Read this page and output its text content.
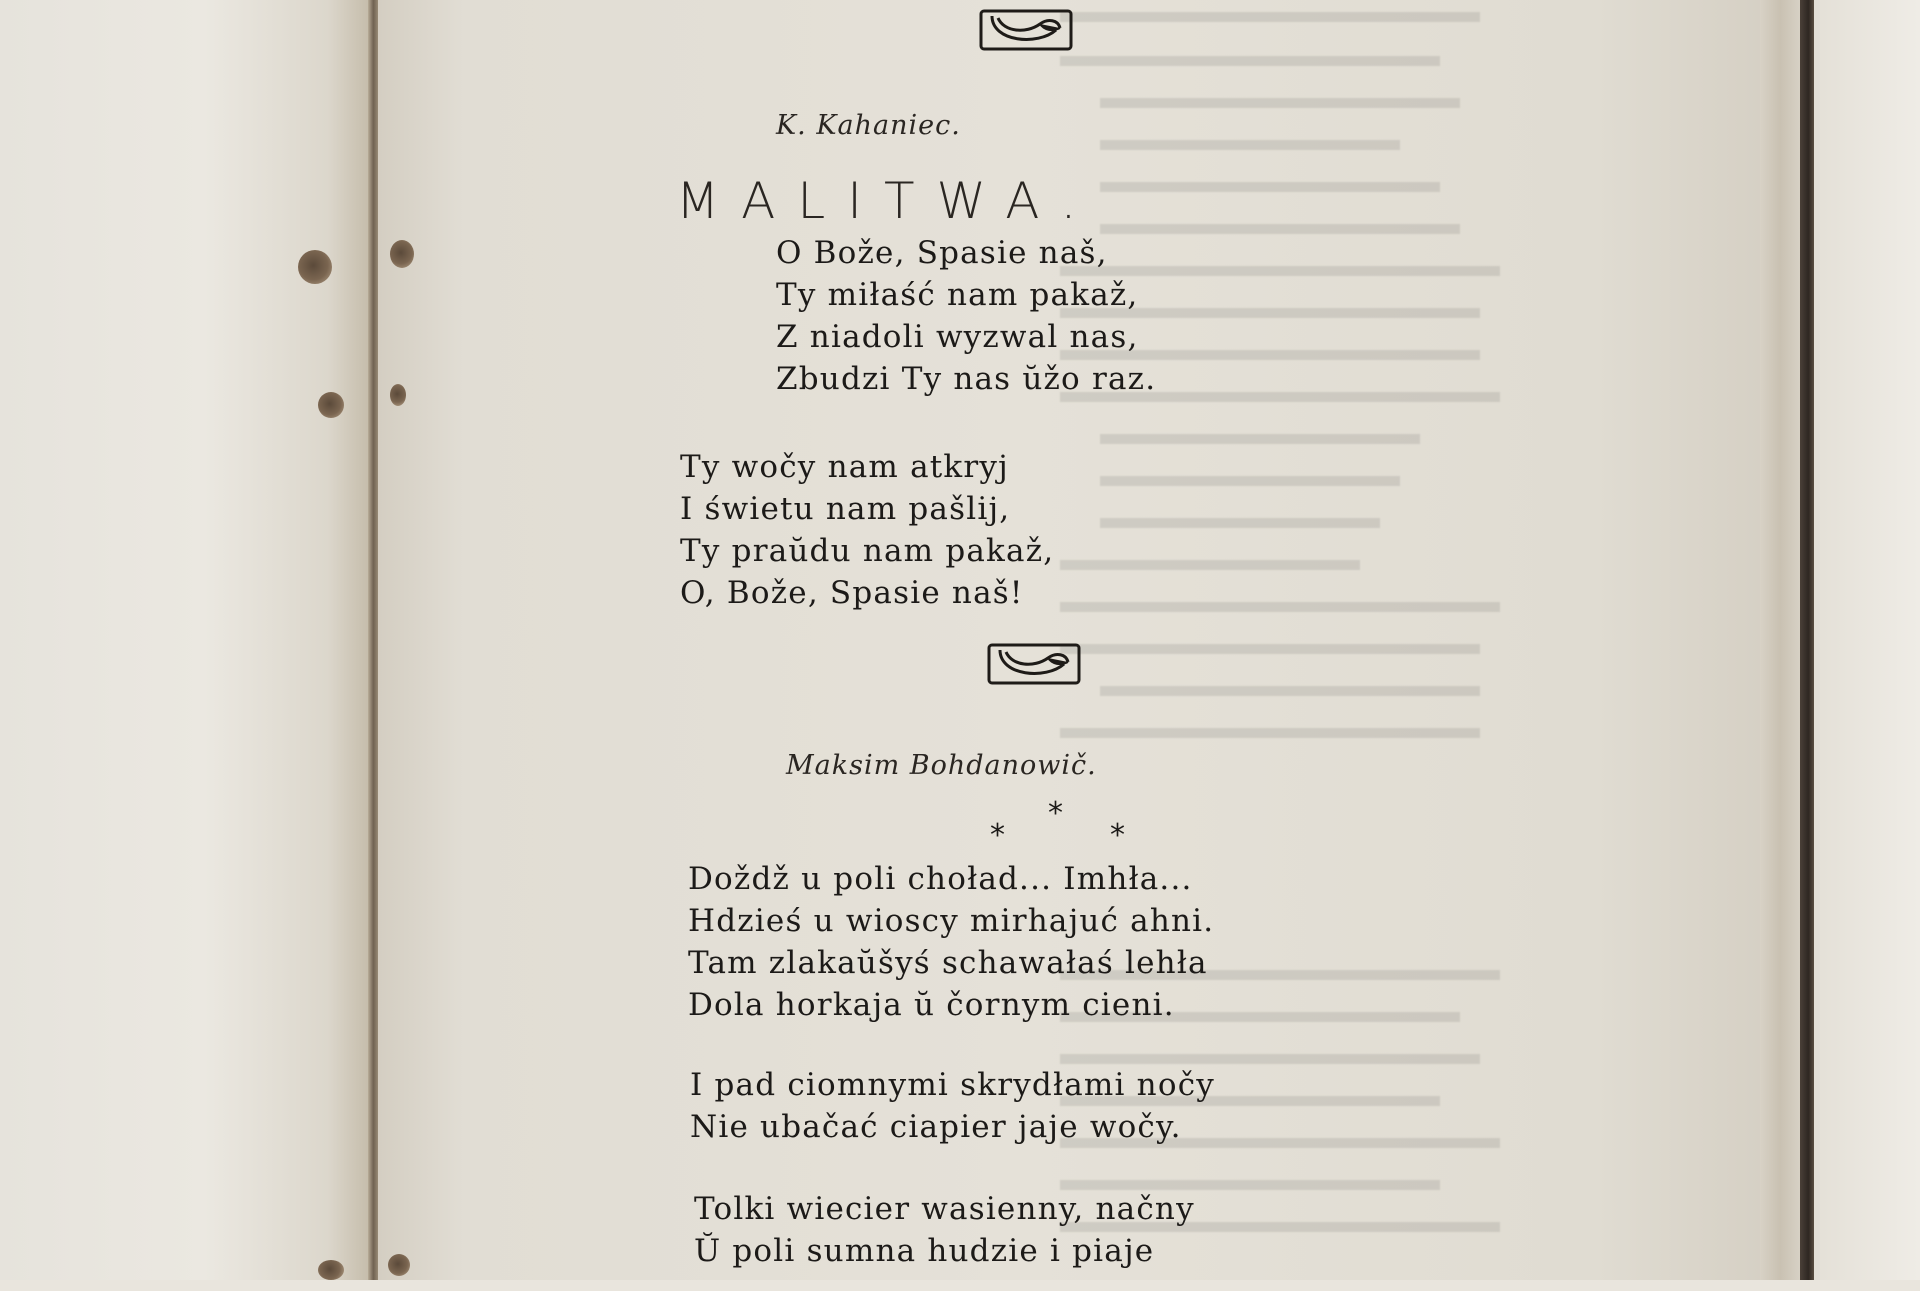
K. Kahaniec.
MALITWA.
O Bože, Spasie naš,
Ty miłaść nam pakaž,
Z niadoli wyzwal nas,
Zbudzi Ty nas ŭžo raz.
Ty wočy nam atkryj
I świetu nam pašlij,
Ty praŭdu nam pakaž,
O, Bože, Spasie naš!
Maksim Bohdanowič.
*
*	*
Doždž u poli choład... Imhła...
Hdzieś u wioscy mirhajuć ahni.
Tam zlakaŭšyś schawałaś lehła
Dola horkaja ŭ čornym cieni.
I pad ciomnymi skrydłami nočy
Nie ubačać ciapier jaje wočy.
Tolki wiecier wasienny, načny
Ŭ poli sumna hudzie i piaje
